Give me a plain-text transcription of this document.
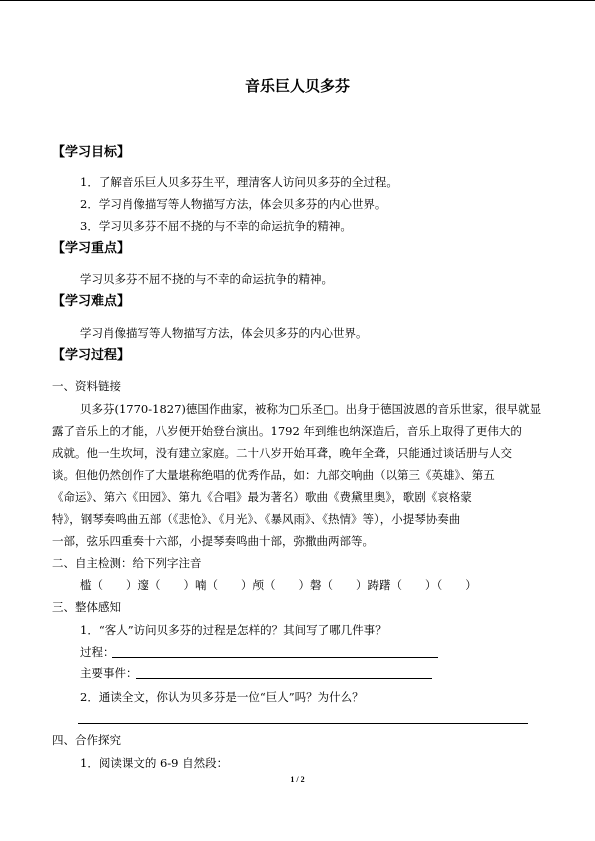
音乐巨人贝多芬
【学习目标】
1．了解音乐巨人贝多芬生平，理清客人访问贝多芬的全过程。
2．学习肖像描写等人物描写方法，体会贝多芬的内心世界。
3．学习贝多芬不屈不挠的与不幸的命运抗争的精神。
【学习重点】
学习贝多芬不屈不挠的与不幸的命运抗争的精神。
【学习难点】
学习肖像描写等人物描写方法，体会贝多芬的内心世界。
【学习过程】
一、资料链接
贝多芬(1770-1827)德国作曲家，被称为□乐圣□。出身于德国波恩的音乐世家，很早就显
露了音乐上的才能，八岁便开始登台演出。1792 年到维也纳深造后，音乐上取得了更伟大的
成就。他一生坎坷，没有建立家庭。二十八岁开始耳聋，晚年全聋，只能通过谈话册与人交
谈。但他仍然创作了大量堪称绝唱的优秀作品，如：九部交响曲（以第三《英雄》、第五
《命运》、第六《田园》、第九《合唱》最为著名）歌曲《费黛里奥》，歌剧《哀格蒙
特》，钢琴奏鸣曲五部（《悲怆》、《月光》、《暴风雨》、《热情》等），小提琴协奏曲
一部，弦乐四重奏十六部，小提琴奏鸣曲十部，弥撒曲两部等。
二、自主检测：给下列字注音
槛（　　）邃（　　）喃（　　）颅（　　）磐（　　）踌躇（　　）（　　）
三、整体感知
1．“客人”访问贝多芬的过程是怎样的？其间写了哪几件事？
过程：
主要事件：
2．通读全文，你认为贝多芬是一位“巨人”吗？为什么？
四、合作探究
1．阅读课文的 6-9 自然段：
1 / 2
